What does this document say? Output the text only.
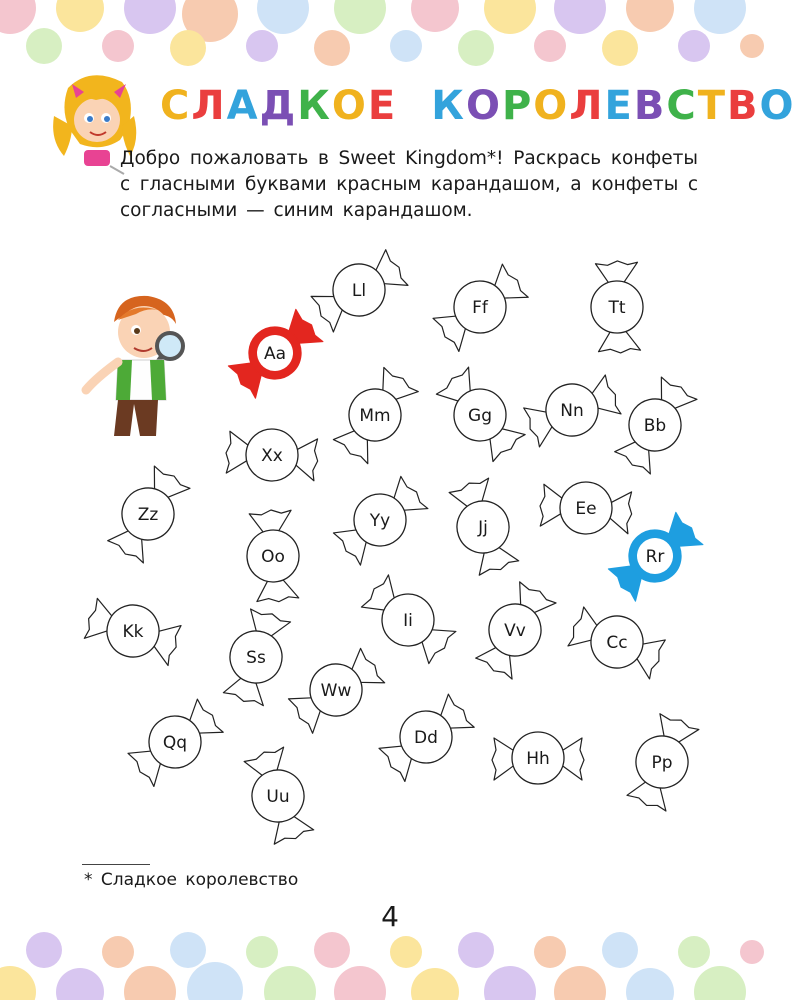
СЛАДКОЕ КОРОЛЕВСТВО

Добро пожаловать в Sweet Kingdom*! Раскрась конфеты с гласными буквами красным карандашом, а конфеты с согласными — синим карандашом.

Ll
Ff	Tt
Aa
Mm	Gg	Nn
Bb
Xx
Zz	Yy	Jj
Ee
Oo	Rr
Ii	Vv
Kk
Cc
Ss
Ww
Qq	Dd
Hh	Pp
Uu
* Сладкое королевство
4
